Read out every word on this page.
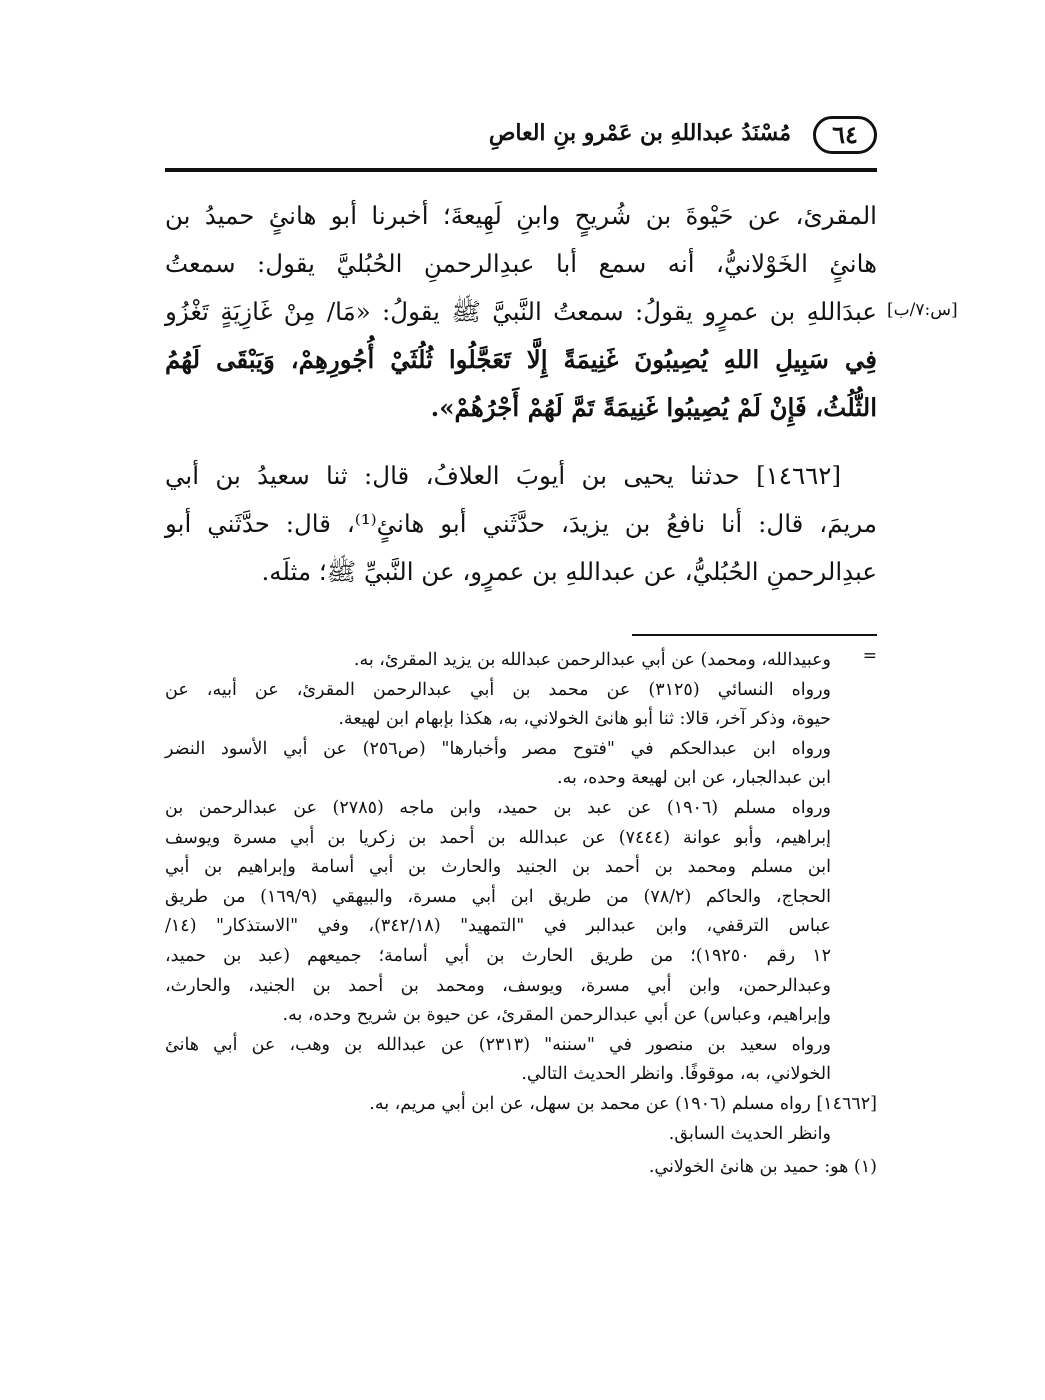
٦٤
مُسْنَدُ عبداللهِ بن عَمْرو بنِ العاصِ
[س:٧/ب]
المقرئ، عن حَيْوةَ بن شُريحٍ وابنِ لَهِيعةَ؛ أخبرنا أبو هانئٍ حميدُ بن
هانئٍ الخَوْلانيُّ، أنه سمع أبا عبدِالرحمنِ الحُبُليَّ يقول: سمعتُ
عبدَاللهِ بن عمرٍو يقولُ: سمعتُ النَّبيَّ ﷺ يقولُ: «مَا/ مِنْ غَازِيَةٍ تَغْزُو
فِي سَبِيلِ اللهِ يُصِيبُونَ غَنِيمَةً إِلَّا تَعَجَّلُوا ثُلُثَيْ أُجُورِهِمْ، وَيَبْقَى لَهُمُ
الثُّلُثُ، فَإِنْ لَمْ يُصِيبُوا غَنِيمَةً تَمَّ لَهُمْ أَجْرُهُمْ».
[١٤٦٦٢] حدثنا يحيى بن أيوبَ العلافُ، قال: ثنا سعيدُ بن أبي
مريمَ، قال: أنا نافعُ بن يزيدَ، حدَّثَني أبو هانئٍ⁽¹⁾، قال: حدَّثَني أبو
عبدِالرحمنِ الحُبُليُّ، عن عبداللهِ بن عمرٍو، عن النَّبيِّ ﷺ؛ مثلَه.
=
وعبيدالله، ومحمد) عن أبي عبدالرحمن عبدالله بن يزيد المقرئ، به.
ورواه النسائي (٣١٢٥) عن محمد بن أبي عبدالرحمن المقرئ، عن أبيه، عن
حيوة، وذكر آخر، قالا: ثنا أبو هانئ الخولاني، به، هكذا بإبهام ابن لهيعة.
ورواه ابن عبدالحكم في "فتوح مصر وأخبارها" (ص٢٥٦) عن أبي الأسود النضر
ابن عبدالجبار، عن ابن لهيعة وحده، به.
ورواه مسلم (١٩٠٦) عن عبد بن حميد، وابن ماجه (٢٧٨٥) عن عبدالرحمن بن
إبراهيم، وأبو عوانة (٧٤٤٤) عن عبدالله بن أحمد بن زكريا بن أبي مسرة ويوسف
ابن مسلم ومحمد بن أحمد بن الجنيد والحارث بن أبي أسامة وإبراهيم بن أبي
الحجاج، والحاكم (٧٨/٢) من طريق ابن أبي مسرة، والبيهقي (١٦٩/٩) من طريق
عباس الترقفي، وابن عبدالبر في "التمهيد" (٣٤٢/١٨)، وفي "الاستذكار" (١٤/
١٢ رقم ١٩٢٥٠)؛ من طريق الحارث بن أبي أسامة؛ جميعهم (عبد بن حميد،
وعبدالرحمن، وابن أبي مسرة، ويوسف، ومحمد بن أحمد بن الجنيد، والحارث،
وإبراهيم، وعباس) عن أبي عبدالرحمن المقرئ، عن حيوة بن شريح وحده، به.
ورواه سعيد بن منصور في "سننه" (٢٣١٣) عن عبدالله بن وهب، عن أبي هانئ
الخولاني، به، موقوفًا. وانظر الحديث التالي.
[١٤٦٦٢] رواه مسلم (١٩٠٦) عن محمد بن سهل، عن ابن أبي مريم، به.
وانظر الحديث السابق.
(١) هو: حميد بن هانئ الخولاني.
